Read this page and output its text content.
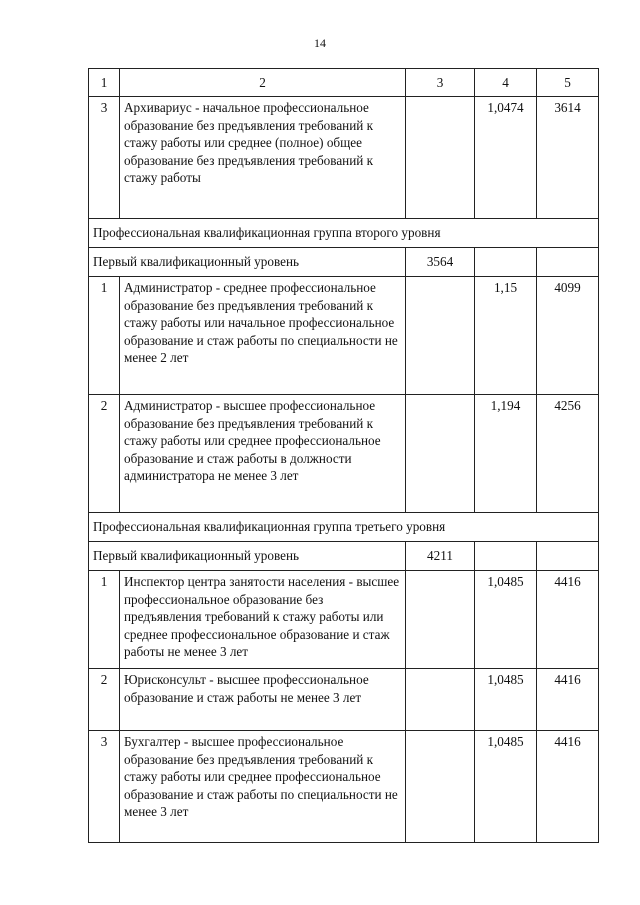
14
1	2	3	4	5
3	Архивариус - начальное профессиональное образование без предъявления требований к стажу работы или среднее (полное) общее образование без предъявления требований к стажу работы		1,0474	3614
Профессиональная квалификационная группа второго уровня				
Первый квалификационный уровень		3564		
1	Администратор - среднее профессиональное образование без предъявления требований к стажу работы или начальное профессиональное образование и стаж работы по специальности не менее 2 лет		1,15	4099
2	Администратор - высшее профессиональное образование без предъявления требований к стажу работы или среднее профессиональное образование и стаж работы в должности администратора не менее 3 лет		1,194	4256
Профессиональная квалификационная группа третьего уровня				
Первый квалификационный уровень		4211		
1	Инспектор центра занятости населения - высшее профессиональное образование без предъявления требований к стажу работы или среднее профессиональное образование и стаж работы не менее 3 лет		1,0485	4416
2	Юрисконсульт - высшее профессиональное образование и стаж работы не менее 3 лет		1,0485	4416
3	Бухгалтер - высшее профессиональное образование без предъявления требований к стажу работы или среднее профессиональное образование и стаж работы по специальности не менее 3 лет		1,0485	4416
